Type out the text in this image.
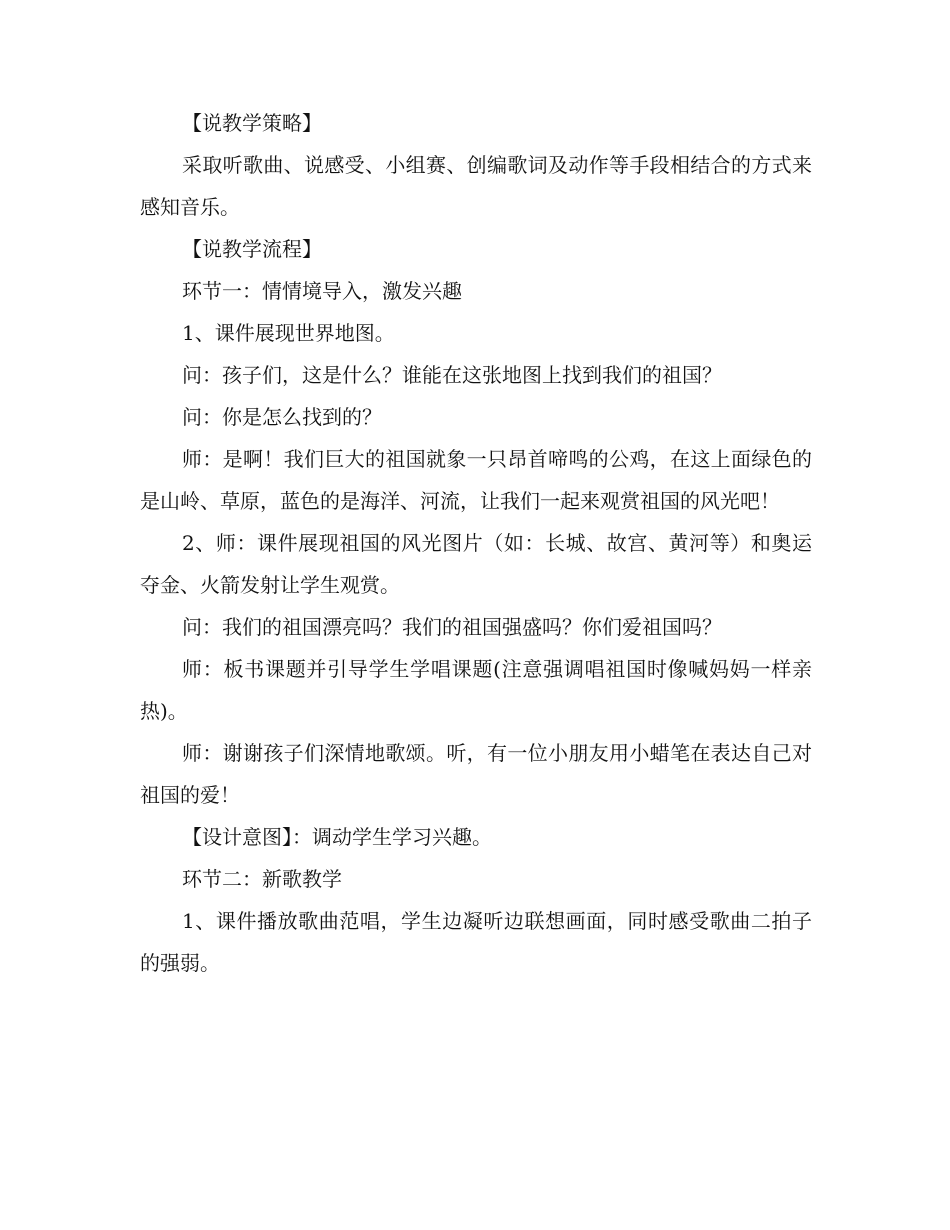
【说教学策略】

采取听歌曲、说感受、小组赛、创编歌词及动作等手段相结合的方式来感知音乐。

【说教学流程】

环节一：情情境导入，激发兴趣

1、课件展现世界地图。

问：孩子们，这是什么？谁能在这张地图上找到我们的祖国？

问：你是怎么找到的？

师：是啊！我们巨大的祖国就象一只昂首啼鸣的公鸡，在这上面绿色的是山岭、草原，蓝色的是海洋、河流，让我们一起来观赏祖国的风光吧！

2、师：课件展现祖国的风光图片（如：长城、故宫、黄河等）和奥运夺金、火箭发射让学生观赏。

问：我们的祖国漂亮吗？我们的祖国强盛吗？你们爱祖国吗？

师：板书课题并引导学生学唱课题(注意强调唱祖国时像喊妈妈一样亲热)。

师：谢谢孩子们深情地歌颂。听，有一位小朋友用小蜡笔在表达自己对祖国的爱！

【设计意图】：调动学生学习兴趣。

环节二：新歌教学

1、课件播放歌曲范唱，学生边凝听边联想画面，同时感受歌曲二拍子的强弱。
